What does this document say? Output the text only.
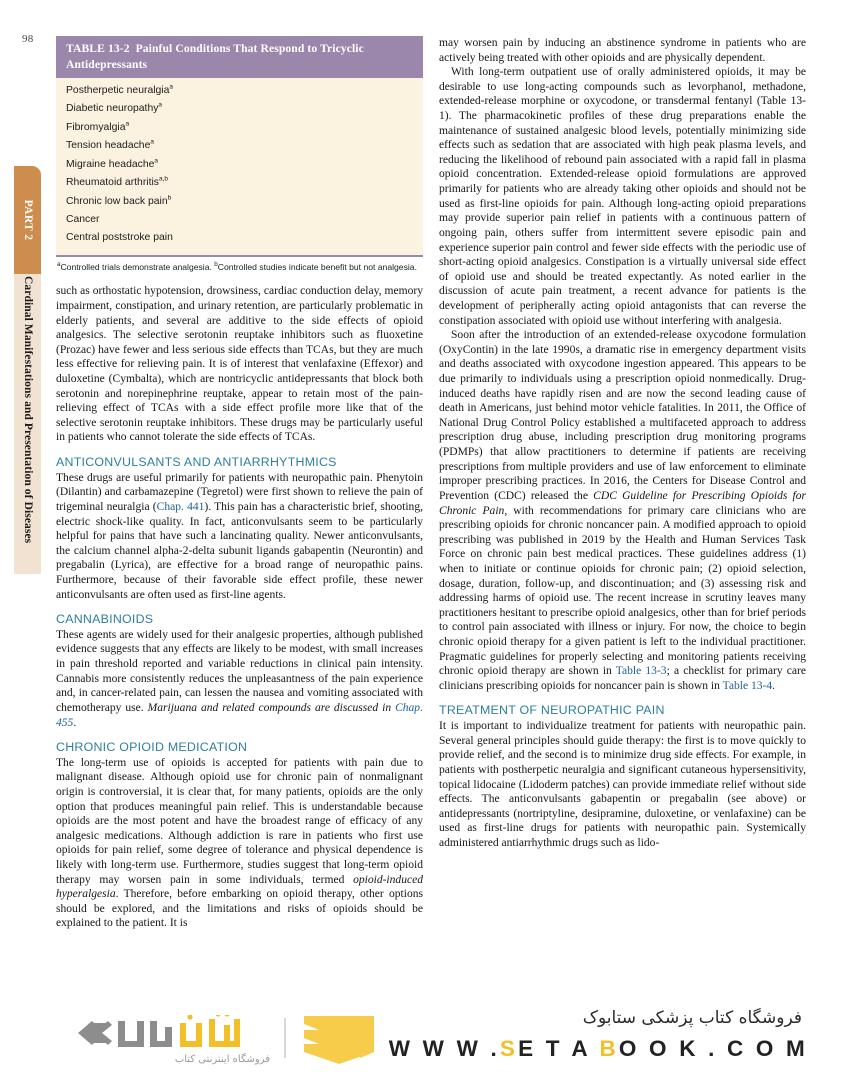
98
PART 2
Cardinal Manifestations and Presentation of Diseases
TABLE 13-2 Painful Conditions That Respond to Tricyclic Antidepressants
Postherpetic neuralgia$^a$
Diabetic neuropathy$^a$
Fibromyalgia$^a$
Tension headache$^a$
Migraine headache$^a$
Rheumatoid arthritis$^{a,b}$
Chronic low back pain$^b$
Cancer
Central poststroke pain
$^a$Controlled trials demonstrate analgesia. $^b$Controlled studies indicate benefit but not analgesia.

such as orthostatic hypotension, drowsiness, cardiac conduction delay, memory impairment, constipation, and urinary retention, are particularly problematic in elderly patients, and several are additive to the side effects of opioid analgesics. The selective serotonin reuptake inhibitors such as fluoxetine (Prozac) have fewer and less serious side effects than TCAs, but they are much less effective for relieving pain. It is of interest that venlafaxine (Effexor) and duloxetine (Cymbalta), which are nontricyclic antidepressants that block both serotonin and norepinephrine reuptake, appear to retain most of the pain-relieving effect of TCAs with a side effect profile more like that of the selective serotonin reuptake inhibitors. These drugs may be particularly useful in patients who cannot tolerate the side effects of TCAs.

ANTICONVULSANTS AND ANTIARRHYTHMICS

These drugs are useful primarily for patients with neuropathic pain. Phenytoin (Dilantin) and carbamazepine (Tegretol) were first shown to relieve the pain of trigeminal neuralgia (Chap. 441). This pain has a characteristic brief, shooting, electric shock-like quality. In fact, anticonvulsants seem to be particularly helpful for pains that have such a lancinating quality. Newer anticonvulsants, the calcium channel alpha-2-delta subunit ligands gabapentin (Neurontin) and pregabalin (Lyrica), are effective for a broad range of neuropathic pains. Furthermore, because of their favorable side effect profile, these newer anticonvulsants are often used as first-line agents.

CANNABINOIDS

These agents are widely used for their analgesic properties, although published evidence suggests that any effects are likely to be modest, with small increases in pain threshold reported and variable reductions in clinical pain intensity. Cannabis more consistently reduces the unpleasantness of the pain experience and, in cancer-related pain, can lessen the nausea and vomiting associated with chemotherapy use. Marijuana and related compounds are discussed in Chap. 455.

CHRONIC OPIOID MEDICATION

The long-term use of opioids is accepted for patients with pain due to malignant disease. Although opioid use for chronic pain of nonmalignant origin is controversial, it is clear that, for many patients, opioids are the only option that produces meaningful pain relief. This is understandable because opioids are the most potent and have the broadest range of efficacy of any analgesic medications. Although addiction is rare in patients who first use opioids for pain relief, some degree of tolerance and physical dependence is likely with long-term use. Furthermore, studies suggest that long-term opioid therapy may worsen pain in some individuals, termed opioid-induced hyperalgesia. Therefore, before embarking on opioid therapy, other options should be explored, and the limitations and risks of opioids should be explained to the patient. It is

may worsen pain by inducing an abstinence syndrome in patients who are actively being treated with other opioids and are physically dependent.

With long-term outpatient use of orally administered opioids, it may be desirable to use long-acting compounds such as levorphanol, methadone, extended-release morphine or oxycodone, or transdermal fentanyl (Table 13-1). The pharmacokinetic profiles of these drug preparations enable the maintenance of sustained analgesic blood levels, potentially minimizing side effects such as sedation that are associated with high peak plasma levels, and reducing the likelihood of rebound pain associated with a rapid fall in plasma opioid concentration. Extended-release opioid formulations are approved primarily for patients who are already taking other opioids and should not be used as first-line opioids for pain. Although long-acting opioid preparations may provide superior pain relief in patients with a continuous pattern of ongoing pain, others suffer from intermittent severe episodic pain and experience superior pain control and fewer side effects with the periodic use of short-acting opioid analgesics. Constipation is a virtually universal side effect of opioid use and should be treated expectantly. As noted earlier in the discussion of acute pain treatment, a recent advance for patients is the development of peripherally acting opioid antagonists that can reverse the constipation associated with opioid use without interfering with analgesia.

Soon after the introduction of an extended-release oxycodone formulation (OxyContin) in the late 1990s, a dramatic rise in emergency department visits and deaths associated with oxycodone ingestion appeared. This appears to be due primarily to individuals using a prescription opioid nonmedically. Drug-induced deaths have rapidly risen and are now the second leading cause of death in Americans, just behind motor vehicle fatalities. In 2011, the Office of National Drug Control Policy established a multifaceted approach to address prescription drug abuse, including prescription drug monitoring programs (PDMPs) that allow practitioners to determine if patients are receiving prescriptions from multiple providers and use of law enforcement to eliminate improper prescribing practices. In 2016, the Centers for Disease Control and Prevention (CDC) released the CDC Guideline for Prescribing Opioids for Chronic Pain, with recommendations for primary care clinicians who are prescribing opioids for chronic noncancer pain. A modified approach to opioid prescribing was published in 2019 by the Health and Human Services Task Force on chronic pain best medical practices. These guidelines address (1) when to initiate or continue opioids for chronic pain; (2) opioid selection, dosage, duration, follow-up, and discontinuation; and (3) assessing risk and addressing harms of opioid use. The recent increase in scrutiny leaves many practitioners hesitant to prescribe opioid analgesics, other than for brief periods to control pain associated with illness or injury. For now, the choice to begin chronic opioid therapy for a given patient is left to the individual practitioner. Pragmatic guidelines for properly selecting and monitoring patients receiving chronic opioid therapy are shown in Table 13-3; a checklist for primary care clinicians prescribing opioids for noncancer pain is shown in Table 13-4.

TREATMENT OF NEUROPATHIC PAIN

It is important to individualize treatment for patients with neuropathic pain. Several general principles should guide therapy: the first is to move quickly to provide relief, and the second is to minimize drug side effects. For example, in patients with postherpetic neuralgia and significant cutaneous hypersensitivity, topical lidocaine (Lidoderm patches) can provide immediate relief without side effects. The anticonvulsants gabapentin or pregabalin (see above) or antidepressants (nortriptyline, desipramine, duloxetine, or venlafaxine) can be used as first-line drugs for patients with neuropathic pain. Systemically administered antiarrhythmic drugs such as lido-

فروشگاه اینترنتی کتاب
فروشگاه کتاب پزشکی ستابوک
W W W .SE T A BO O K . C O M
